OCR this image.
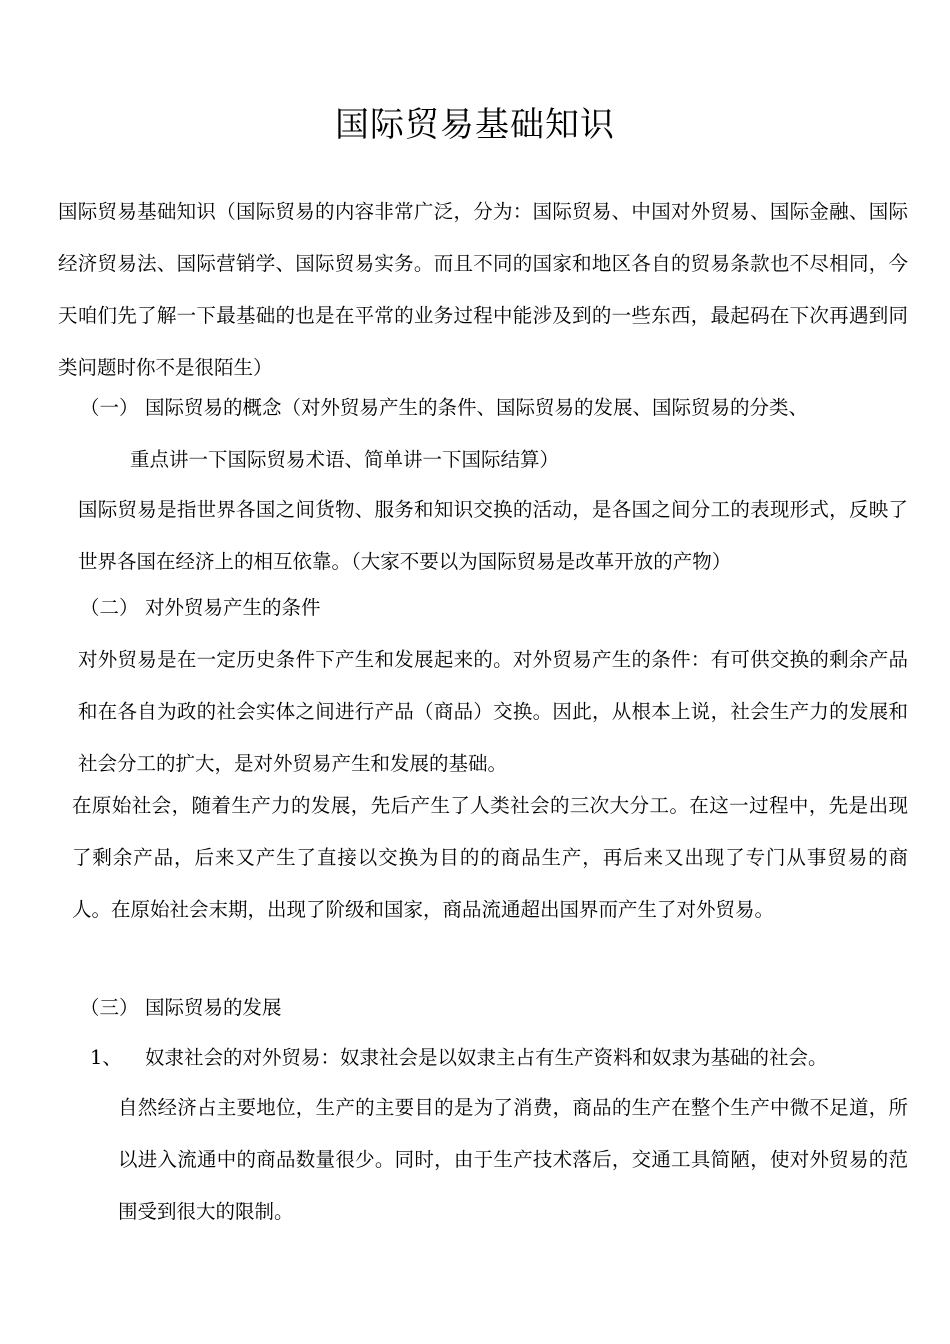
国际贸易基础知识

国际贸易基础知识（国际贸易的内容非常广泛，分为：国际贸易、中国对外贸易、国际金融、国际经济贸易法、国际营销学、国际贸易实务。而且不同的国家和地区各自的贸易条款也不尽相同，今天咱们先了解一下最基础的也是在平常的业务过程中能涉及到的一些东西，最起码在下次再遇到同类问题时你不是很陌生）

（一） 国际贸易的概念（对外贸易产生的条件、国际贸易的发展、国际贸易的分类、

重点讲一下国际贸易术语、简单讲一下国际结算）

国际贸易是指世界各国之间货物、服务和知识交换的活动，是各国之间分工的表现形式，反映了世界各国在经济上的相互依靠。（大家不要以为国际贸易是改革开放的产物）

（二） 对外贸易产生的条件

对外贸易是在一定历史条件下产生和发展起来的。对外贸易产生的条件：有可供交换的剩余产品和在各自为政的社会实体之间进行产品（商品）交换。因此，从根本上说，社会生产力的发展和社会分工的扩大，是对外贸易产生和发展的基础。

在原始社会，随着生产力的发展，先后产生了人类社会的三次大分工。在这一过程中，先是出现了剩余产品，后来又产生了直接以交换为目的的商品生产，再后来又出现了专门从事贸易的商人。在原始社会末期，出现了阶级和国家，商品流通超出国界而产生了对外贸易。

（三） 国际贸易的发展
1、 奴隶社会的对外贸易：奴隶社会是以奴隶主占有生产资料和奴隶为基础的社会。

自然经济占主要地位，生产的主要目的是为了消费，商品的生产在整个生产中微不足道，所以进入流通中的商品数量很少。同时，由于生产技术落后，交通工具简陋，使对外贸易的范围受到很大的限制。
